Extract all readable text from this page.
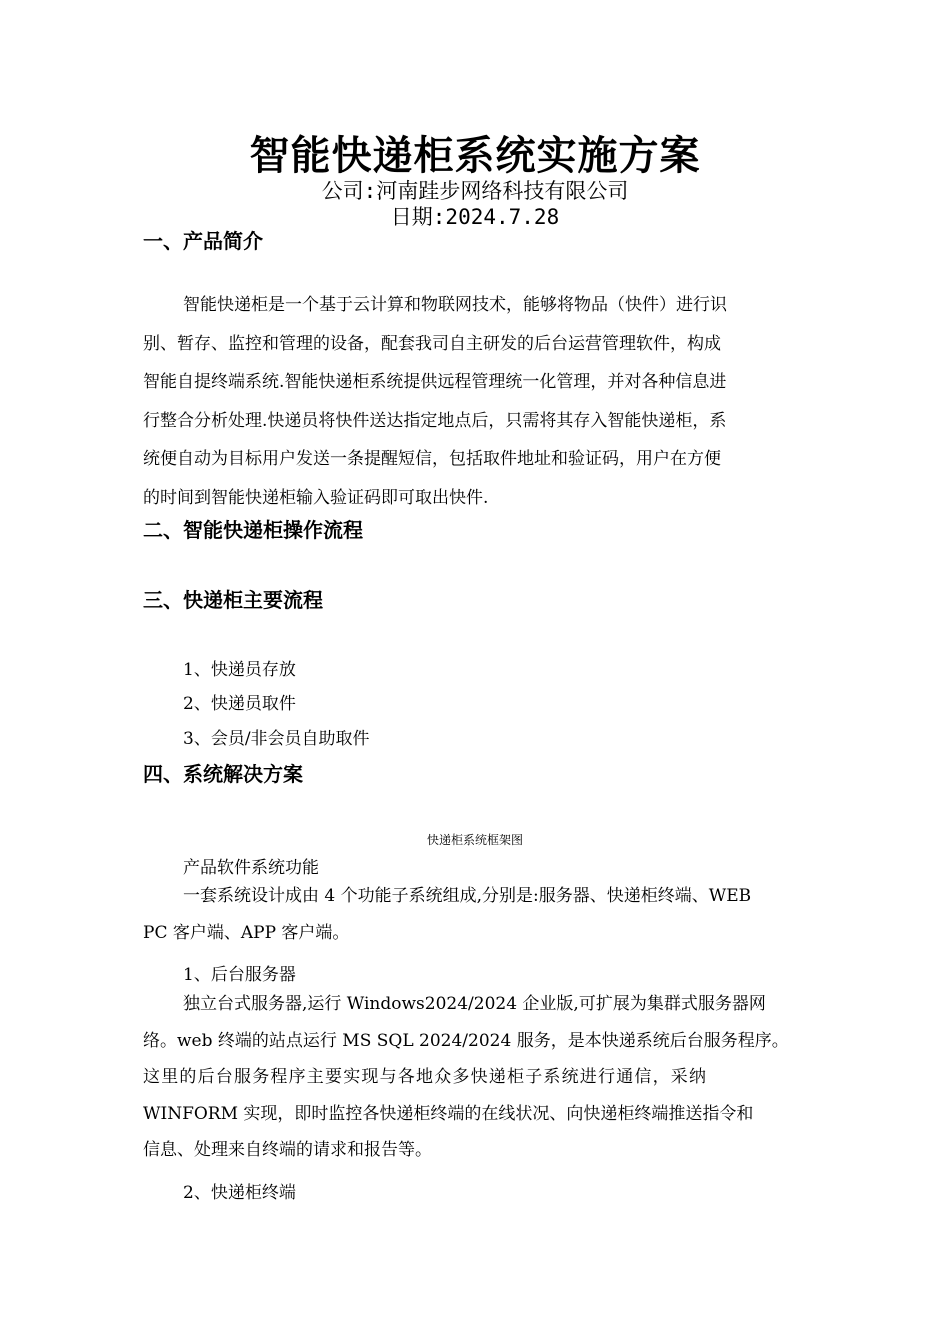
智能快递柜系统实施方案
公司:河南跬步网络科技有限公司
日期:2024.7.28
一、产品简介
智能快递柜是一个基于云计算和物联网技术，能够将物品（快件）进行识
别、暂存、监控和管理的设备，配套我司自主研发的后台运营管理软件，构成
智能自提终端系统.智能快递柜系统提供远程管理统一化管理，并对各种信息进
行整合分析处理.快递员将快件送达指定地点后，只需将其存入智能快递柜，系
统便自动为目标用户发送一条提醒短信，包括取件地址和验证码，用户在方便
的时间到智能快递柜输入验证码即可取出快件.
二、智能快递柜操作流程
三、快递柜主要流程
1、快递员存放
2、快递员取件
3、会员/非会员自助取件
四、系统解决方案
快递柜系统框架图
产品软件系统功能
一套系统设计成由 4 个功能子系统组成,分别是:服务器、快递柜终端、WEB
PC 客户端、APP 客户端。
1、后台服务器
独立台式服务器,运行 Windows2024/2024 企业版,可扩展为集群式服务器网
络。web 终端的站点运行 MS SQL 2024/2024 服务，是本快递系统后台服务程序。
这里的后台服务程序主要实现与各地众多快递柜子系统进行通信，采纳
WINFORM 实现，即时监控各快递柜终端的在线状况、向快递柜终端推送指令和
信息、处理来自终端的请求和报告等。
2、快递柜终端
